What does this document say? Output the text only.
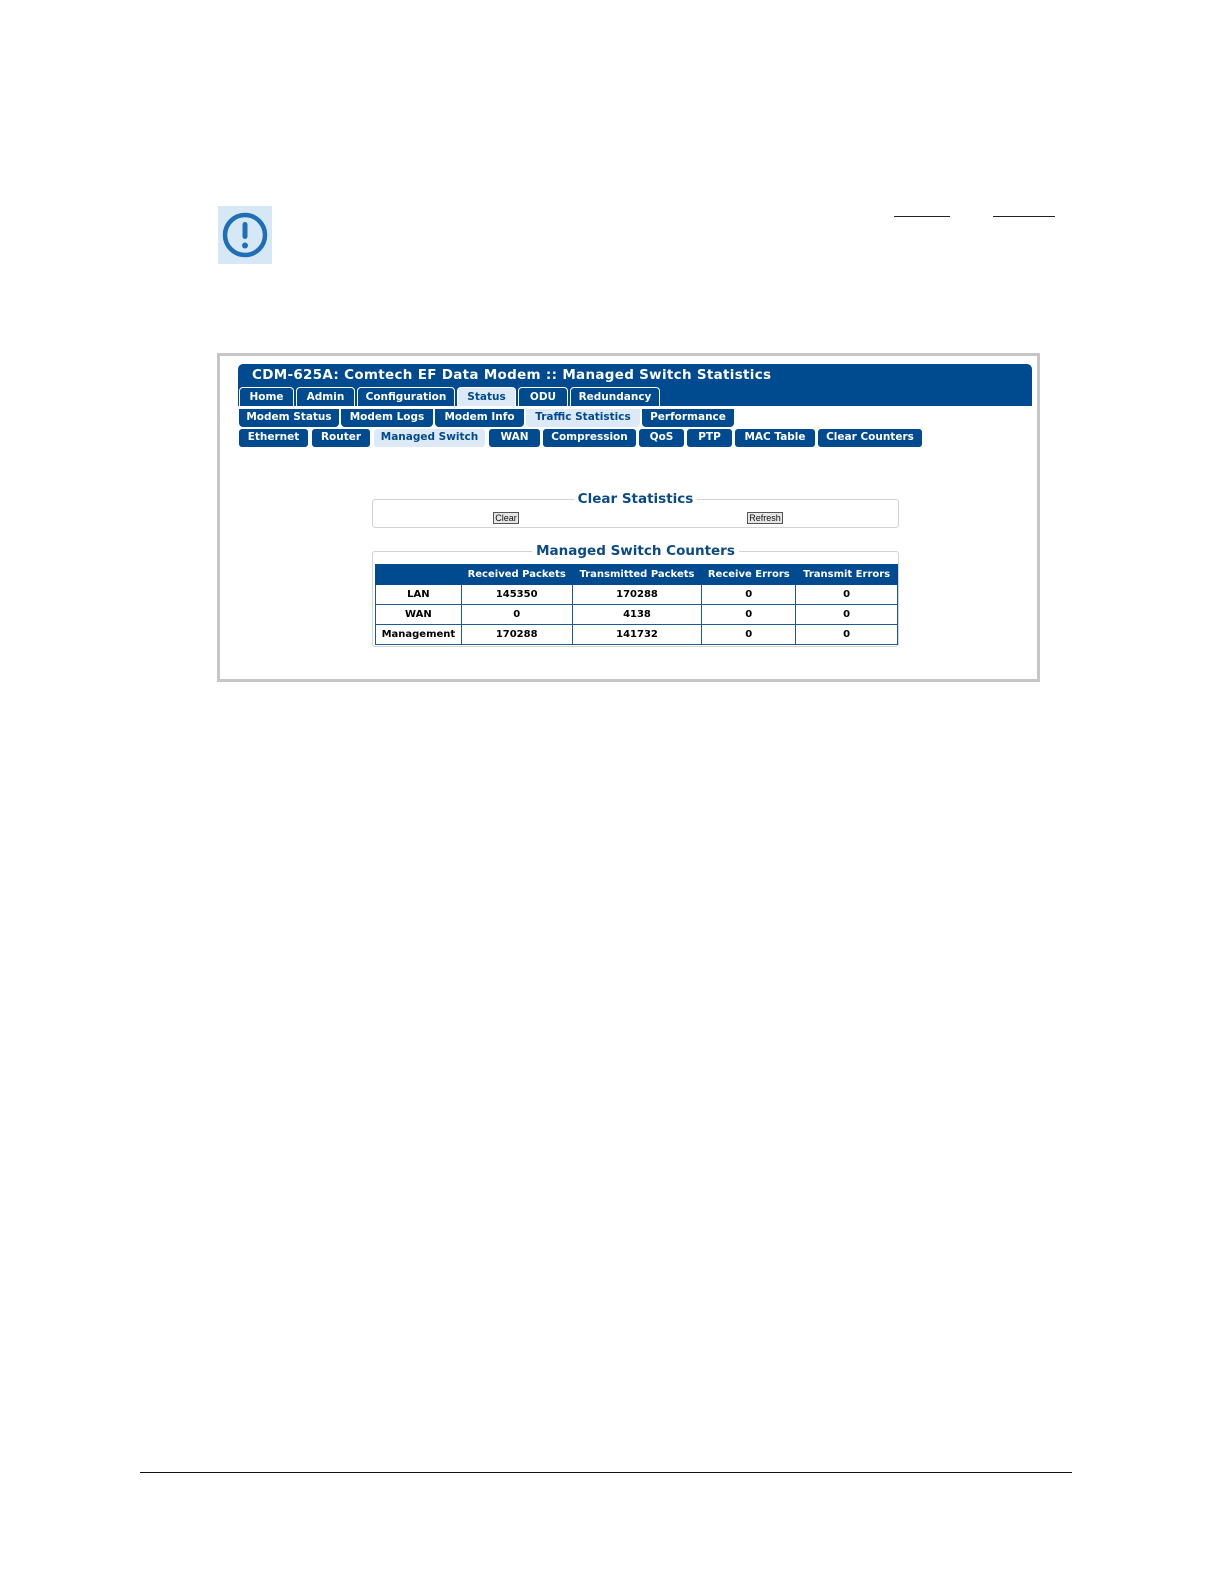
CDM-625A: Comtech EF Data Modem :: Managed Switch Statistics
Home	Admin	Configuration	Status	ODU	Redundancy
Modem Status	Modem Logs	Modem Info	Traffic Statistics	Performance
Ethernet	Router	Managed Switch	WAN	Compression	QoS	PTP	MAC Table	Clear Counters
Clear Statistics
Clear	Refresh
Managed Switch Counters
	Received Packets	Transmitted Packets	Receive Errors	Transmit Errors
LAN	145350	170288	0	0
WAN	0	4138	0	0
Management	170288	141732	0	0
